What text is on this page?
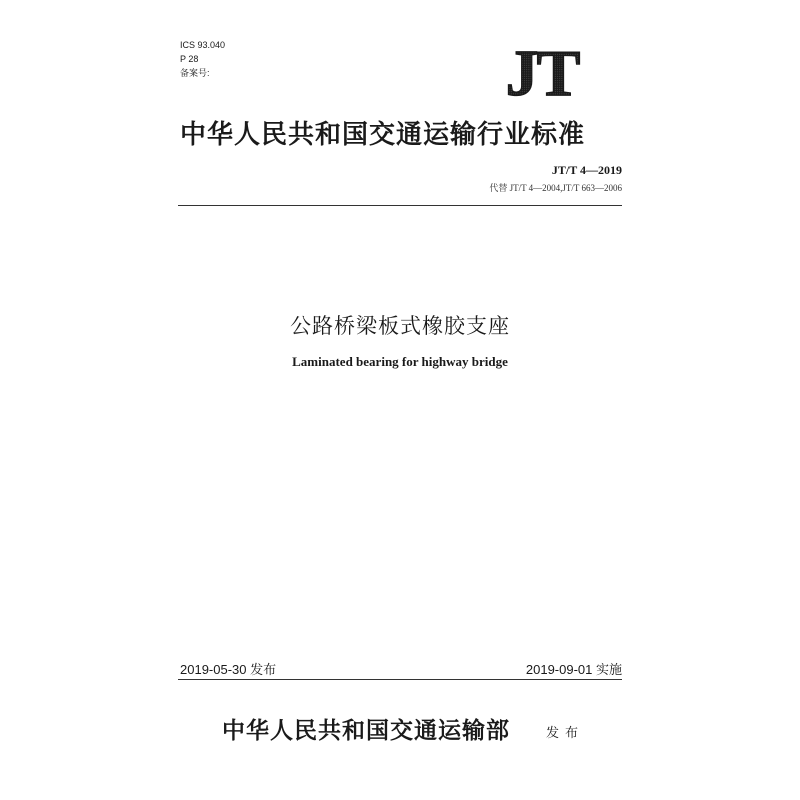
ICS 93.040
P 28
备案号:	JT
中华人民共和国交通运输行业标准
JT/T 4—2019
代替 JT/T 4—2004,JT/T 663—2006
公路桥梁板式橡胶支座
Laminated bearing for highway bridge
2019-05-30 发布	2019-09-01 实施
中华人民共和国交通运输部	发布
